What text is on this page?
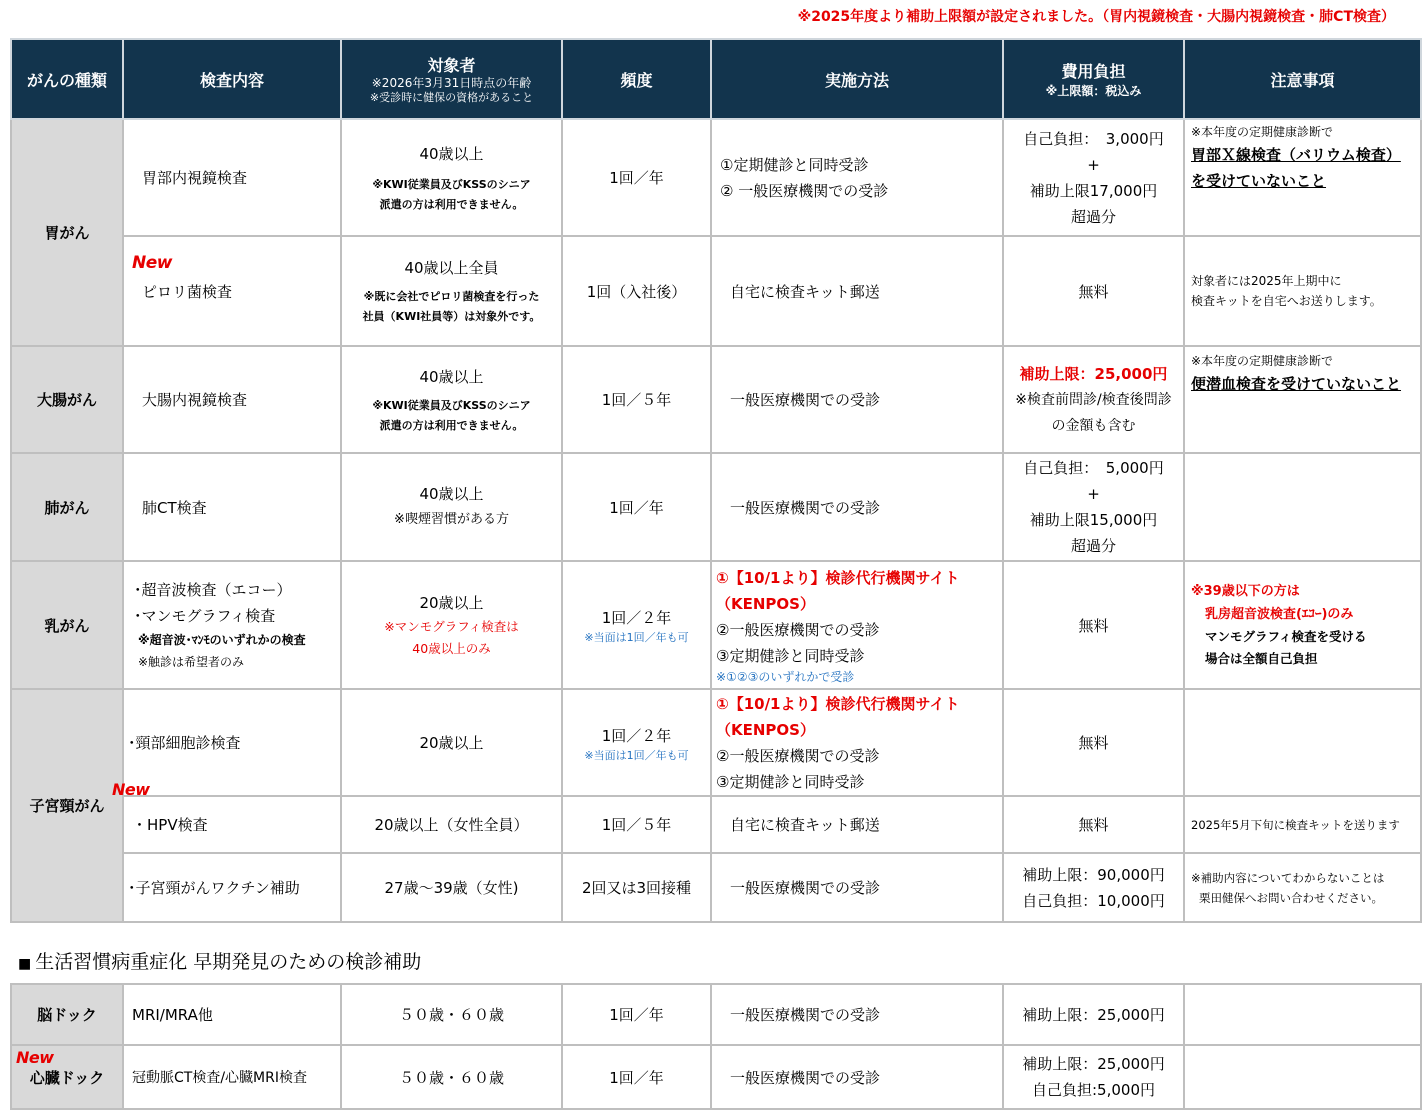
※2025年度より補助上限額が設定されました。（胃内視鏡検査・大腸内視鏡検査・肺CT検査）
がんの種類	検査内容	対象者
※2026年3月31日時点の年齢
※受診時に健保の資格があること	頻度	実施方法	費用負担
※上限額：税込み	注意事項
胃がん	胃部内視鏡検査	40歳以上
※KWI従業員及びKSSのシニア
派遣の方は利用できません。	1回／年	①定期健診と同時受診
② 一般医療機関での受診	自己負担：　3,000円
+
補助上限17,000円
超過分	※本年度の定期健康診断で
胃部Ｘ線検査（バリウム検査）
を受けていないこと

	New
ピロリ菌検査	40歳以上全員
※既に会社でピロリ菌検査を行った
社員（KWI社員等）は対象外です。	1回（入社後）	自宅に検査キット郵送	無料	対象者には2025年上期中に
検査キットを自宅へお送りします。

大腸がん	大腸内視鏡検査	40歳以上
※KWI従業員及びKSSのシニア
派遣の方は利用できません。	1回／５年	一般医療機関での受診	補助上限：25,000円
※検査前問診/検査後問診
の金額も含む	※本年度の定期健康診断で
便潜血検査を受けていないこと

肺がん	肺CT検査	40歳以上
※喫煙習慣がある方	1回／年	一般医療機関での受診	自己負担：　5,000円
+
補助上限15,000円
超過分	

乳がん	･超音波検査（エコー）
･マンモグラフィ検査
※超音波･ﾏﾝﾓのいずれかの検査
※触診は希望者のみ	20歳以上
※マンモグラフィ検査は
40歳以上のみ	1回／２年
※当面は1回／年も可	①【10/1より】検診代行機関サイト
（KENPOS）
②一般医療機関での受診
③定期健診と同時受診
※①②③のいずれかで受診	無料	※39歳以下の方は
乳房超音波検査(ｴｺｰ)のみ
マンモグラフィ検査を受ける
場合は全額自己負担

New
子宮頸がん	･頸部細胞診検査	20歳以上	1回／２年
※当面は1回／年も可	①【10/1より】検診代行機関サイト
（KENPOS）
②一般医療機関での受診
③定期健診と同時受診	無料	
	・HPV検査	20歳以上（女性全員）	1回／５年	自宅に検査キット郵送	無料	2025年5月下旬に検査キットを送ります
	･子宮頸がんワクチン補助	27歳～39歳（女性)	2回又は3回接種	一般医療機関での受診	補助上限：90,000円
自己負担：10,000円	※補助内容についてわからないことは
栗田健保へお問い合わせください。
■ 生活習慣病重症化 早期発見のための検診補助
脳ドック	MRI/MRA他	５０歳・６０歳	1回／年	一般医療機関での受診	補助上限：25,000円	

New
心臓ドック	冠動脈CT検査/心臓MRI検査	５０歳・６０歳	1回／年	一般医療機関での受診	補助上限：25,000円
自己負担:5,000円	
